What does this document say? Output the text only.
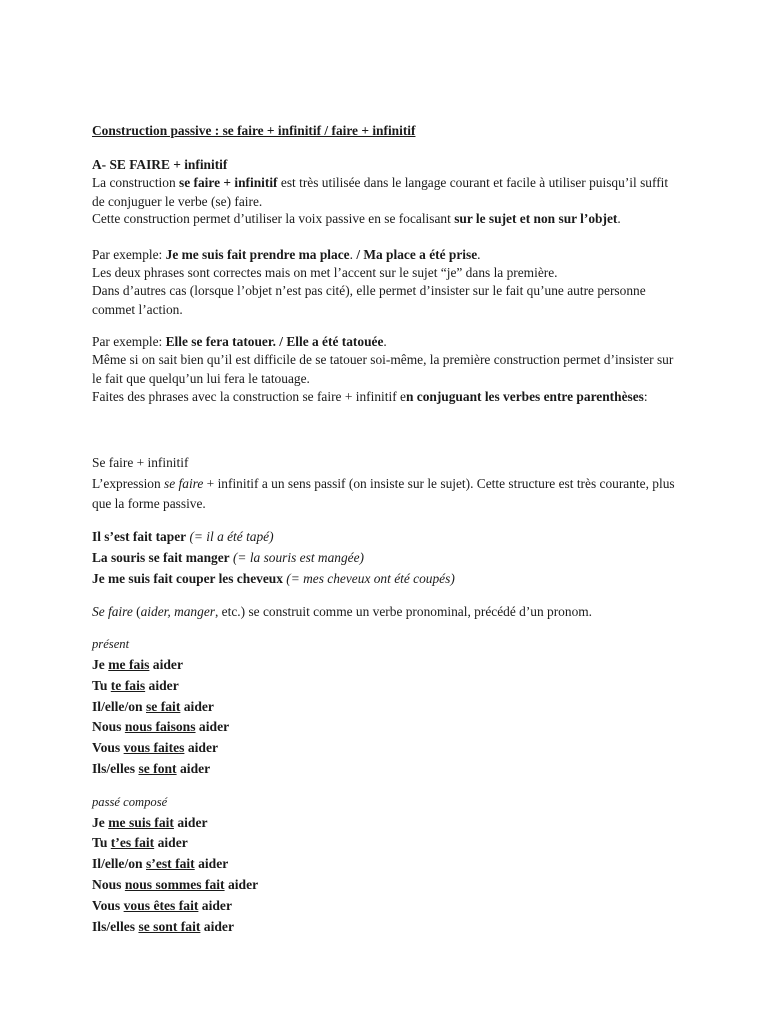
Construction passive : se faire + infinitif / faire + infinitif
A- SE FAIRE + infinitif
La construction se faire + infinitif est très utilisée dans le langage courant et facile à utiliser puisqu’il suffit de conjuguer le verbe (se) faire.
Cette construction permet d’utiliser la voix passive en se focalisant sur le sujet et non sur l’objet.
Par exemple: Je me suis fait prendre ma place. / Ma place a été prise.
Les deux phrases sont correctes mais on met l’accent sur le sujet “je” dans la première.
Dans d’autres cas (lorsque l’objet n’est pas cité), elle permet d’insister sur le fait qu’une autre personne commet l’action.
Par exemple: Elle se fera tatouer. / Elle a été tatouée.
Même si on sait bien qu’il est difficile de se tatouer soi-même, la première construction permet d’insister sur le fait que quelqu’un lui fera le tatouage.
Faites des phrases avec la construction se faire + infinitif en conjuguant les verbes entre parenthèses:
Se faire + infinitif
L’expression se faire + infinitif a un sens passif (on insiste sur le sujet). Cette structure est très courante, plus que la forme passive.
Il s’est fait taper (= il a été tapé)
La souris se fait manger (= la souris est mangée)
Je me suis fait couper les cheveux (= mes cheveux ont été coupés)
Se faire (aider, manger, etc.) se construit comme un verbe pronominal, précédé d’un pronom.
présent
Je me fais aider
Tu te fais aider
Il/elle/on se fait aider
Nous nous faisons aider
Vous vous faites aider
Ils/elles se font aider
passé composé
Je me suis fait aider
Tu t’es fait aider
Il/elle/on s’est fait aider
Nous nous sommes fait aider
Vous vous êtes fait aider
Ils/elles se sont fait aider
